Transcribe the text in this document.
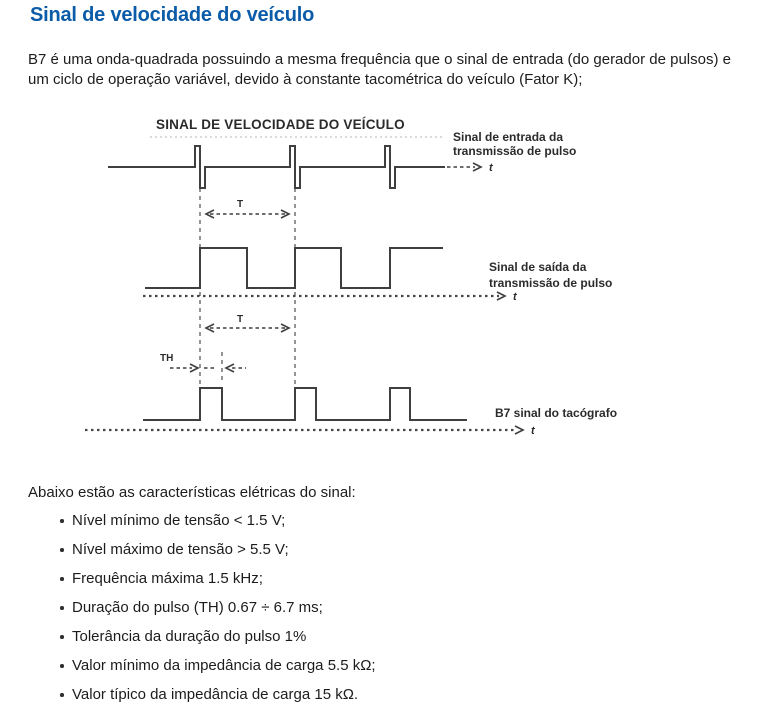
Sinal de velocidade do veículo
B7 é uma onda-quadrada possuindo a mesma frequência que o sinal de entrada (do gerador de pulsos) e
um ciclo de operação variável, devido à constante tacométrica do veículo (Fator K);
SINAL DE VELOCIDADE DO VEÍCULO
t
Sinal de entrada da
transmissão de pulso
T
t
Sinal de saída da
transmissão de pulso
T
TH
t
B7 sinal do tacógrafo
Abaixo estão as características elétricas do sinal:
Nível mínimo de tensão < 1.5 V;
Nível máximo de tensão > 5.5 V;
Frequência máxima 1.5 kHz;
Duração do pulso (TH) 0.67 ÷ 6.7 ms;
Tolerância da duração do pulso 1%
Valor mínimo da impedância de carga 5.5 kΩ;
Valor típico da impedância de carga 15 kΩ.
